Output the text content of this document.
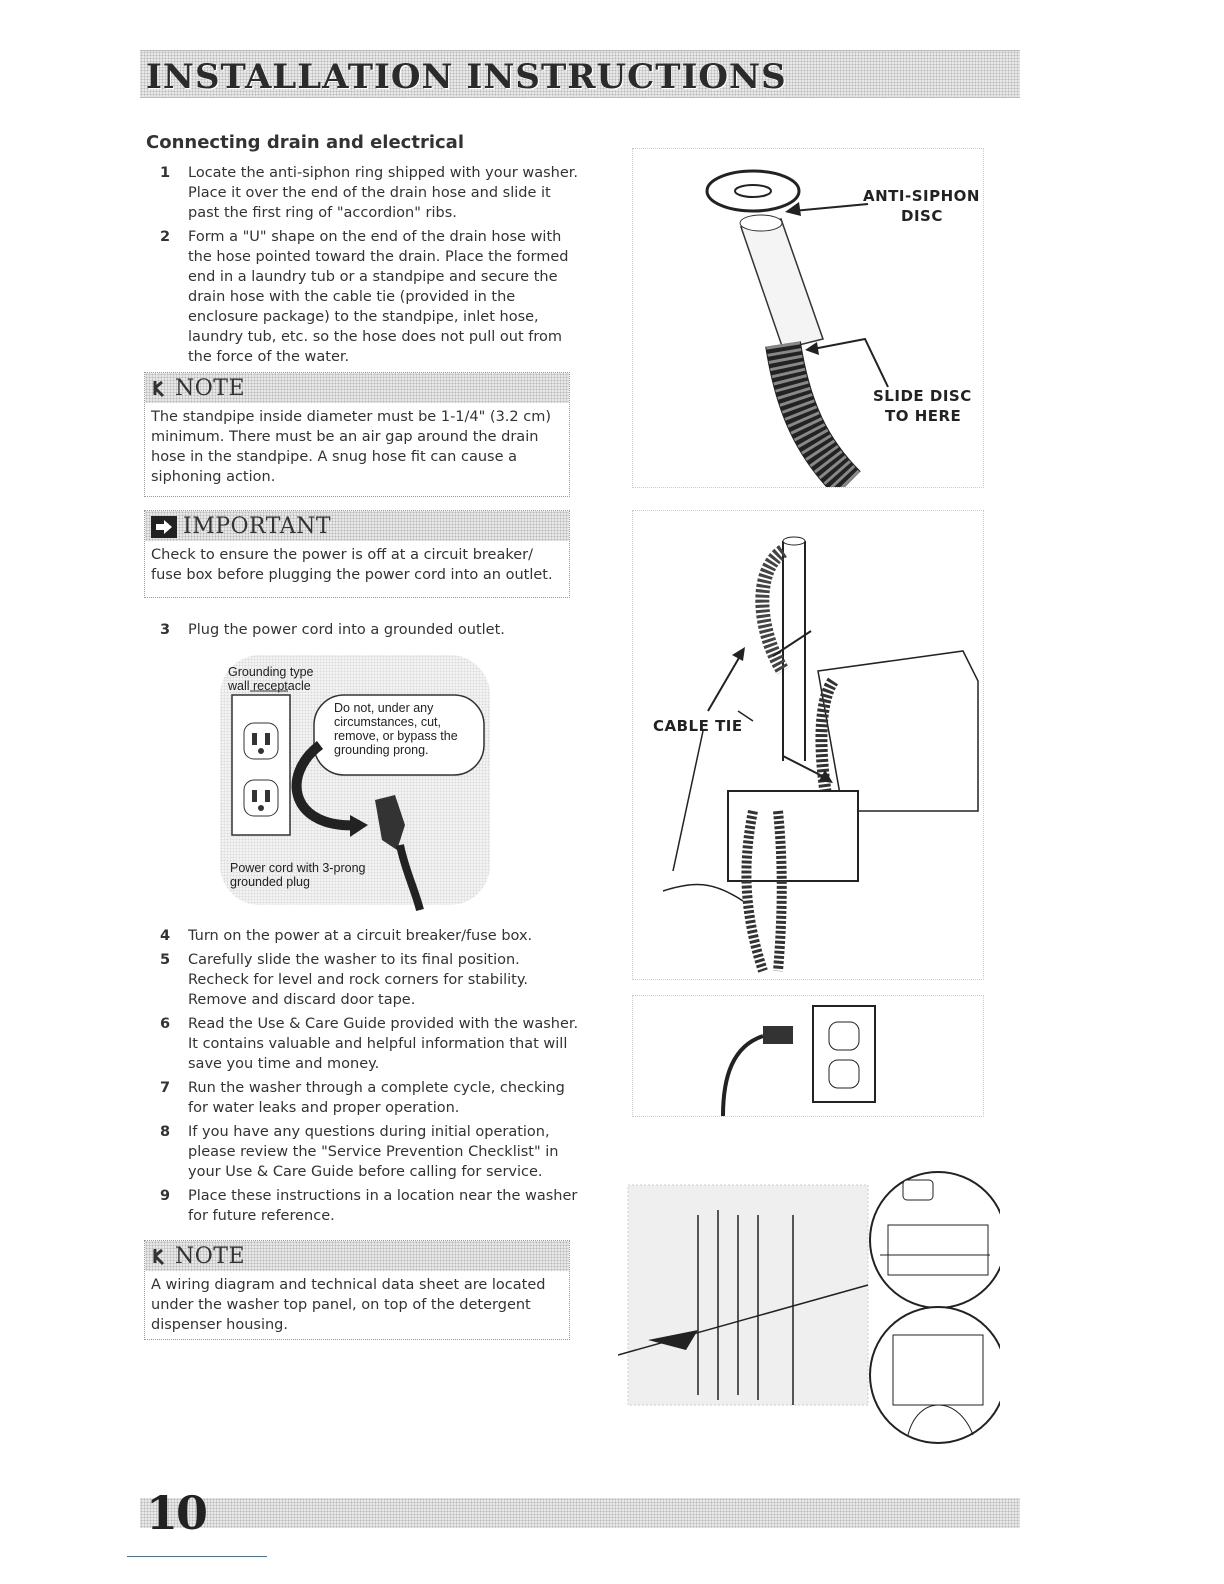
INSTALLATION INSTRUCTIONS
Connecting drain and electrical
1	Locate the anti-siphon ring shipped with your washer. Place it over the end of the drain hose and slide it past the first ring of "accordion" ribs.
2	Form a "U" shape on the end of the drain hose with the hose pointed toward the drain. Place the formed end in a laundry tub or a standpipe and secure the drain hose with the cable tie (provided in the enclosure package) to the standpipe, inlet hose, laundry tub, etc. so the hose does not pull out from the force of the water.
NOTE
The standpipe inside diameter must be 1-1/4" (3.2 cm) minimum. There must be an air gap around the drain hose in the standpipe. A snug hose fit can cause a siphoning action.
IMPORTANT
Check to ensure the power is off at a circuit breaker/ fuse box before plugging the power cord into an outlet.
3	Plug the power cord into a grounded outlet.
Grounding type wall receptacle
Do not, under any circumstances, cut, remove, or bypass the grounding prong.
Power cord with 3-prong grounded plug
4	Turn on the power at a circuit breaker/fuse box.
5	Carefully slide the washer to its final position. Recheck for level and rock corners for stability. Remove and discard door tape.
6	Read the Use & Care Guide provided with the washer. It contains valuable and helpful information that will save you time and money.
7	Run the washer through a complete cycle, checking for water leaks and proper operation.
8	If you have any questions during initial operation, please review the "Service Prevention Checklist" in your Use & Care Guide before calling for service.
9	Place these instructions in a location near the washer for future reference.
NOTE
A wiring diagram and technical data sheet are located under the washer top panel, on top of the detergent dispenser housing.
ANTI-SIPHON
DISC
SLIDE DISC
TO HERE
CABLE TIE
10
